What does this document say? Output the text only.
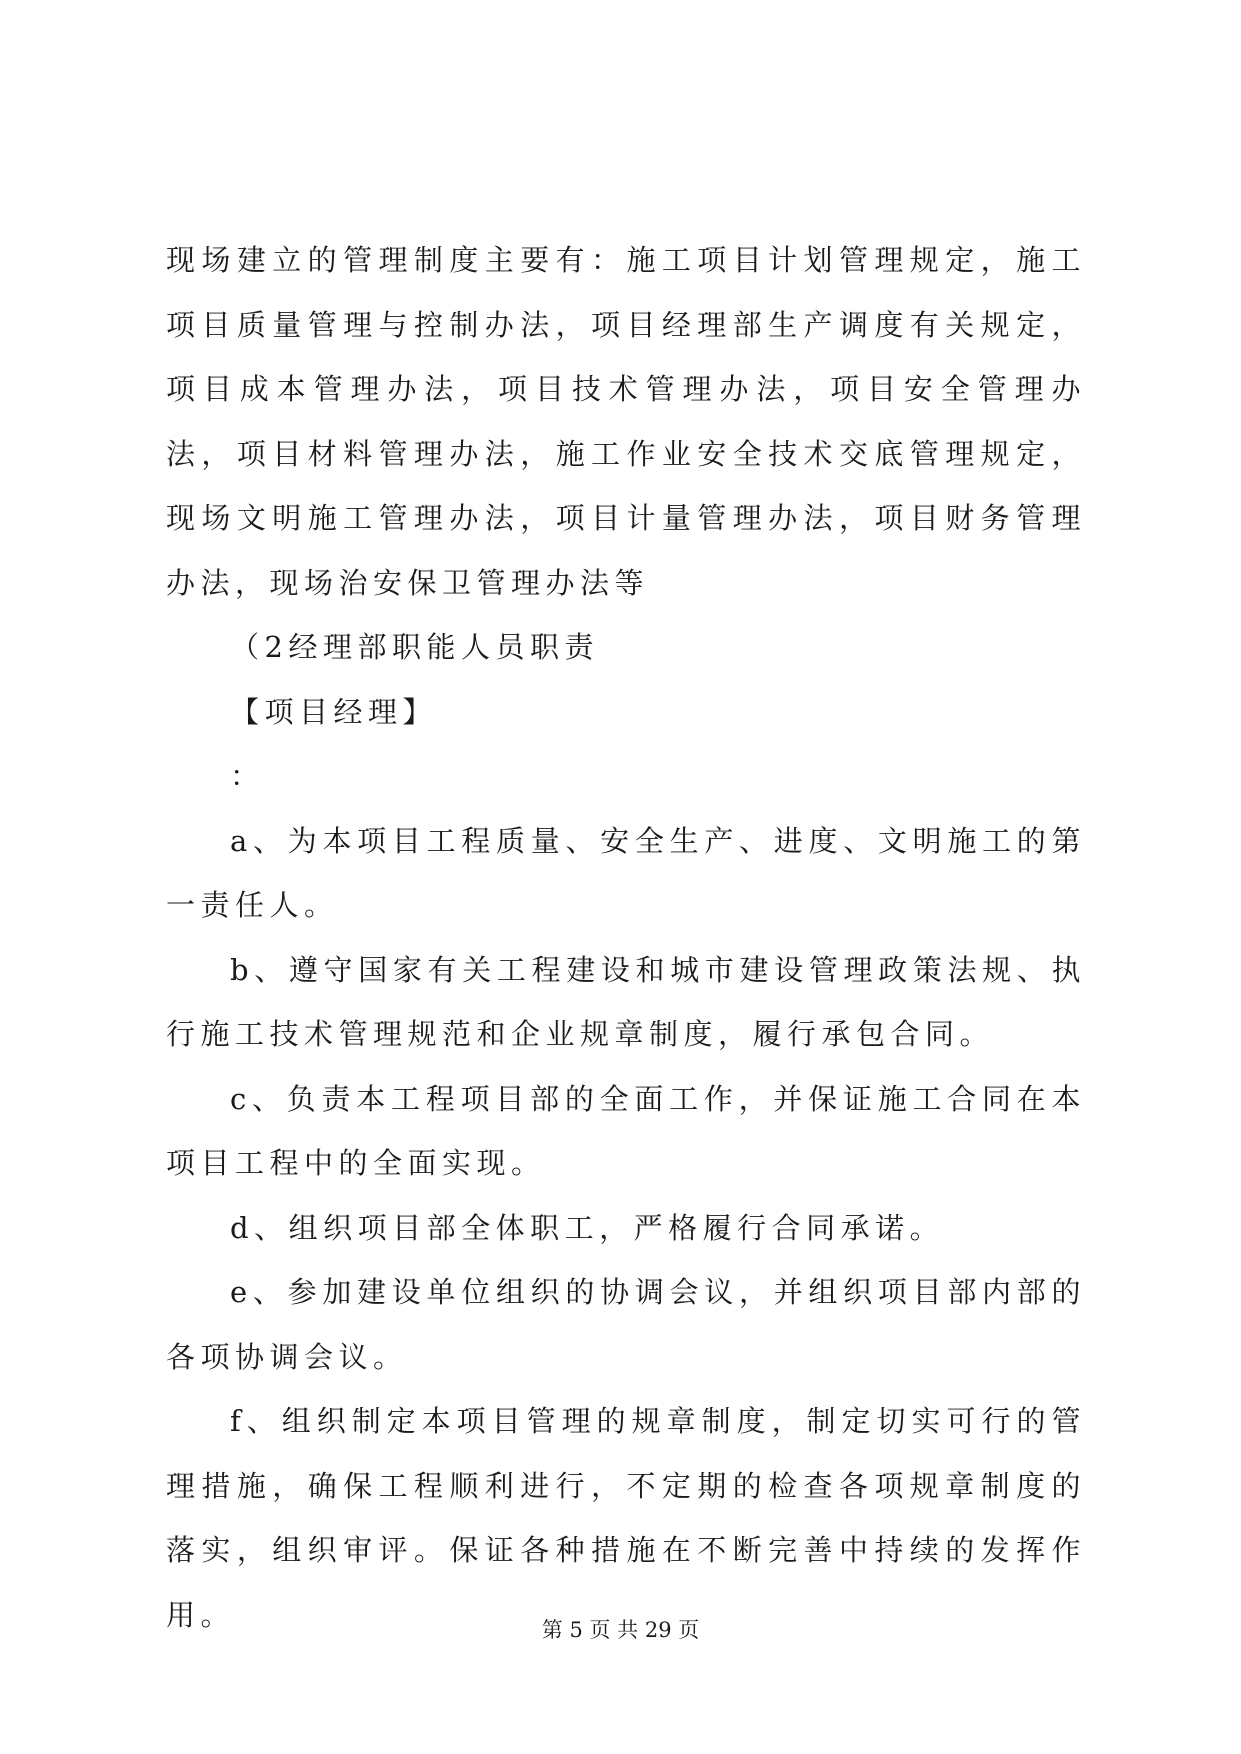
现场建立的管理制度主要有：施工项目计划管理规定，施工项目质量管理与控制办法，项目经理部生产调度有关规定，项目成本管理办法，项目技术管理办法，项目安全管理办法，项目材料管理办法，施工作业安全技术交底管理规定，现场文明施工管理办法，项目计量管理办法，项目财务管理办法，现场治安保卫管理办法等

（2经理部职能人员职责

【项目经理】

：

a、为本项目工程质量、安全生产、进度、文明施工的第一责任人。

b、遵守国家有关工程建设和城市建设管理政策法规、执行施工技术管理规范和企业规章制度，履行承包合同。

c、负责本工程项目部的全面工作，并保证施工合同在本项目工程中的全面实现。

d、组织项目部全体职工，严格履行合同承诺。

e、参加建设单位组织的协调会议，并组织项目部内部的各项协调会议。

f、组织制定本项目管理的规章制度，制定切实可行的管理措施，确保工程顺利进行，不定期的检查各项规章制度的落实，组织审评。保证各种措施在不断完善中持续的发挥作用。	第 5 页 共 29 页
